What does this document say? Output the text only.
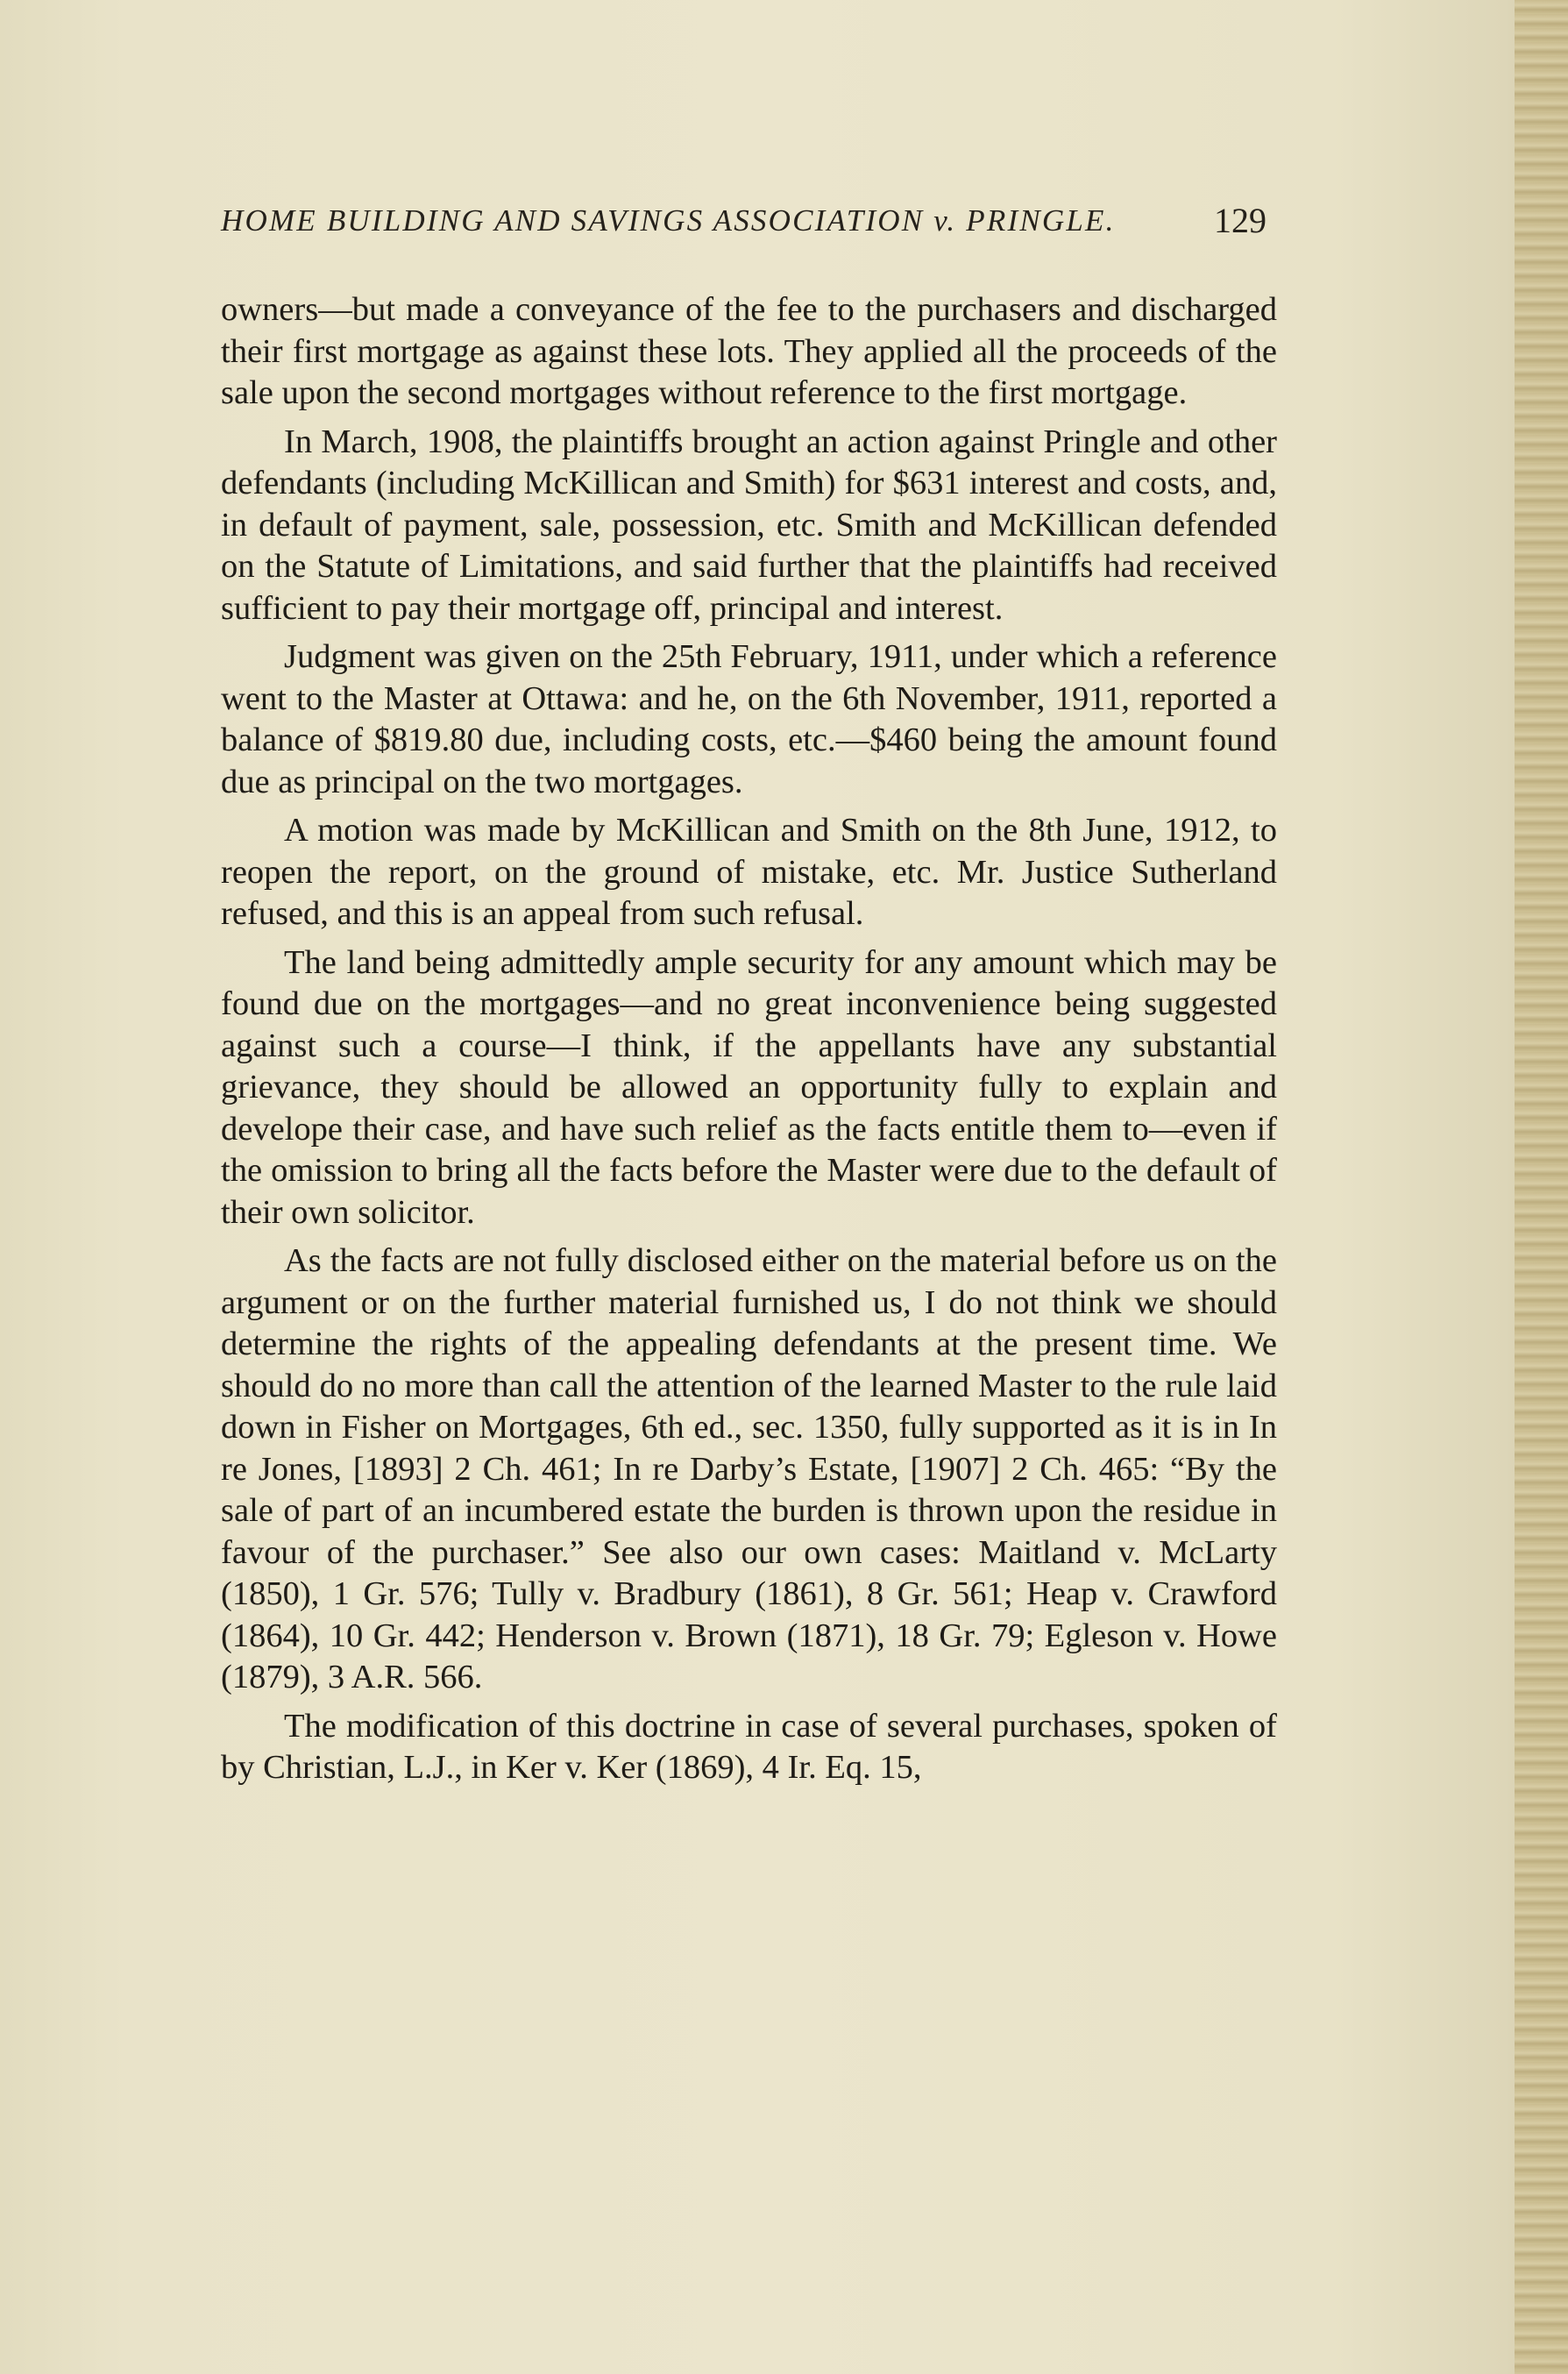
HOME BUILDING AND SAVINGS ASSOCIATION v. PRINGLE.	129

owners—but made a conveyance of the fee to the purchasers and discharged their first mortgage as against these lots. They applied all the proceeds of the sale upon the second mortgages without reference to the first mortgage.

In March, 1908, the plaintiffs brought an action against Pringle and other defendants (including McKillican and Smith) for $631 interest and costs, and, in default of payment, sale, possession, etc. Smith and McKillican defended on the Statute of Limitations, and said further that the plaintiffs had received sufficient to pay their mortgage off, principal and interest.

Judgment was given on the 25th February, 1911, under which a reference went to the Master at Ottawa: and he, on the 6th November, 1911, reported a balance of $819.80 due, including costs, etc.—$460 being the amount found due as principal on the two mortgages.

A motion was made by McKillican and Smith on the 8th June, 1912, to reopen the report, on the ground of mistake, etc. Mr. Justice Sutherland refused, and this is an appeal from such refusal.

The land being admittedly ample security for any amount which may be found due on the mortgages—and no great inconvenience being suggested against such a course—I think, if the appellants have any substantial grievance, they should be allowed an opportunity fully to explain and develope their case, and have such relief as the facts entitle them to—even if the omission to bring all the facts before the Master were due to the default of their own solicitor.

As the facts are not fully disclosed either on the material before us on the argument or on the further material furnished us, I do not think we should determine the rights of the appealing defendants at the present time. We should do no more than call the attention of the learned Master to the rule laid down in Fisher on Mortgages, 6th ed., sec. 1350, fully supported as it is in In re Jones, [1893] 2 Ch. 461; In re Darby’s Estate, [1907] 2 Ch. 465: “By the sale of part of an incumbered estate the burden is thrown upon the residue in favour of the purchaser.” See also our own cases: Maitland v. McLarty (1850), 1 Gr. 576; Tully v. Bradbury (1861), 8 Gr. 561; Heap v. Crawford (1864), 10 Gr. 442; Henderson v. Brown (1871), 18 Gr. 79; Egleson v. Howe (1879), 3 A.R. 566.

The modification of this doctrine in case of several purchases, spoken of by Christian, L.J., in Ker v. Ker (1869), 4 Ir. Eq. 15,
